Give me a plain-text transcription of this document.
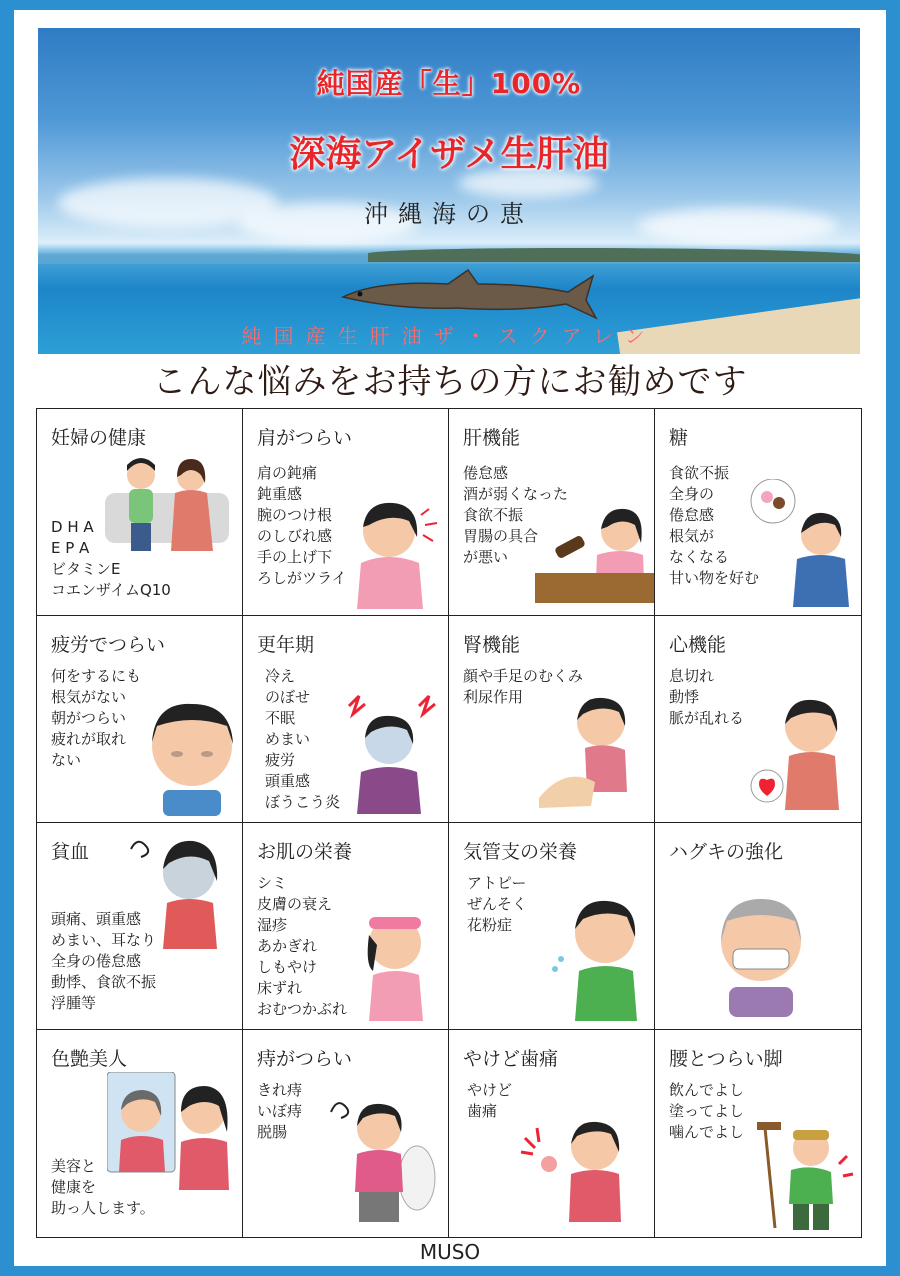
純国産「生」100%
深海アイザメ生肝油
沖縄海の恵
純国産生肝油ザ・スクアレン
こんな悩みをお持ちの方にお勧めです
妊婦の健康
D H A
E P A
ビタミンE
コエンザイムQ10
肩がつらい
肩の鈍痛
鈍重感
腕のつけ根
のしびれ感
手の上げ下
ろしがツライ
肝機能
倦怠感
酒が弱くなった
食欲不振
胃腸の具合
が悪い
糖
食欲不振
全身の
倦怠感
根気が
なくなる
甘い物を好む
疲労でつらい
何をするにも
根気がない
朝がつらい
疲れが取れ
ない
更年期
冷え
のぼせ
不眠
めまい
疲労
頭重感
ぼうこう炎
腎機能
顔や手足のむくみ
利尿作用
心機能
息切れ
動悸
脈が乱れる
貧血
頭痛、頭重感
めまい、耳なり
全身の倦怠感
動悸、食欲不振
浮腫等
お肌の栄養
シミ
皮膚の衰え
湿疹
あかぎれ
しもやけ
床ずれ
おむつかぶれ
気管支の栄養
アトピー
ぜんそく
花粉症
ハグキの強化
色艶美人
美容と
健康を
助っ人します。
痔がつらい
きれ痔
いぼ痔
脱腸
やけど歯痛
やけど
歯痛
腰とつらい脚
飲んでよし
塗ってよし
噛んでよし
MUSO
